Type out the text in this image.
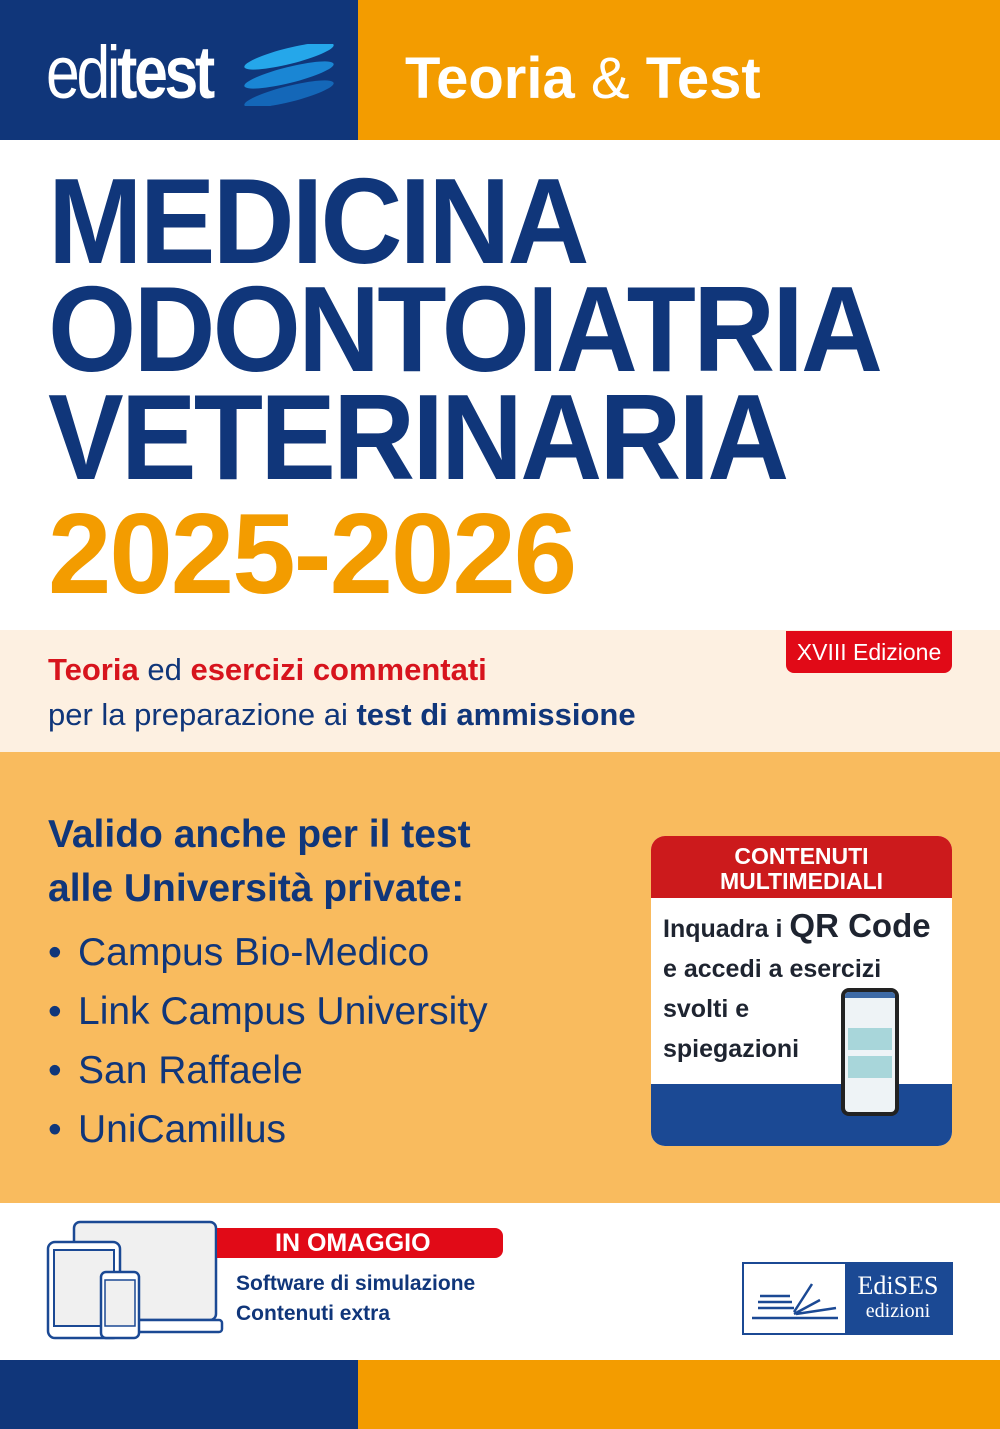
editest	Teoria & Test
MEDICINA
ODONTOIATRIA
VETERINARIA
2025-2026
Teoria ed esercizi commentati
per la preparazione ai test di ammissione
XVIII Edizione
Valido anche per il test
alle Università private:
• Campus Bio-Medico
• Link Campus University
• San Raffaele
• UniCamillus
CONTENUTI
MULTIMEDIALI
Inquadra i QR Code
e accedi a esercizi
svolti e
spiegazioni
IN OMAGGIO
Software di simulazione
Contenuti extra
EdiSES
edizioni
